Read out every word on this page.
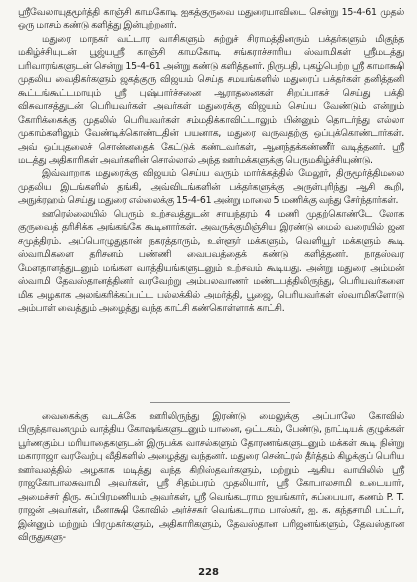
ஸ்ரீவேலாயுதமூர்த்தி காஞ்சி காமகோடி ஐகத்குருவை மதுரையாவிடை சென்று 15-4-61 முதல் ஒரு மாசம் கண்டு களித்து இன்புற்றனர்.

மதுரை மாநகர் வட்டார வாசிகளும் சுற்றுச் சிராமத்தினரும் பக்தர்களும் மிகுந்த மகிழ்ச்சியுடன் பூஜ்யஸ்ரீ காஞ்சி காமகோடி சங்கராச்சாரிய ஸ்வாமிகள் ஸ்ரீமடத்து பரிவாரங்களுடன் சென்று 15-4-61 அன்று கண்டு களித்தனர். நிருபதி, புகழ்பெற்ற ஸ்ரீ காமாக்ஷி முதலிய வைதிகர்களும் ஜகத்குரு விஜயம் செய்த சமயங்களில் மதுரைப் பக்தர்கள் தனித்தனி கூட்டங்கூட்டமாயும் ஸ்ரீ புஷ்பார்ச்சனை ஆராதனைகள் சிறப்பாகச் செய்து பக்தி விசுவாசத்துடன் பெரியவர்கள் அவர்கள் மதுரைக்கு விஜயம் செய்ய வேண்டும் என்றும் கோரிக்கைக்கு முதலில் பெரியவர்கள் சம்மதிக்காவிட்டாலும் பின்னும் தொடர்ந்து எல்லா முகாம்களிலும் வேண்டிக்கொண்டதின் பயனாக, மதுரை வருவதற்கு ஒப்புக்கொண்டார்கள். அவ் ஒப்புதலைச் சொன்னதைக் கேட்டுக் கண்டவர்கள், ஆனந்தக்கண்ணீர் வடித்தனர். ஸ்ரீ மடத்து அதிகாரிகள் அவர்களின் சொல்லால் அந்த ஊர்மக்களுக்கு பெருமகிழ்ச்சியுண்டு.

இவ்வாறாக மதுரைக்கு விஜயம் செய்ய வரும் மார்க்கத்தில் மேலூர், திருமூர்த்திமலை முதலிய இடங்களில் தங்கி, அவ்விடங்களின் பக்தர்களுக்கு அருள்புரிந்து ஆசி கூறி, அநுக்ரஹம் செய்து மதுரை எல்லைக்கு 15-4-61 அன்று மாலை 5 மணிக்கு வந்து சேர்ந்தார்கள்.

ஊரெல்லையில் பெரும் உற்சவத்துடன் சாயந்தரம் 4 மணி முதற்கொண்டே லோக குருவைத் தரிசிக்க அங்கங்கே கூடினார்கள். அவருக்குமிஞ்சிய இரண்டு மைல் வரையில் ஜன சமுத்திரம். அப்பொழுதுதான் நகரத்தாரும், உள்ளூர் மக்களும், வெளியூர் மக்களும் கூடி ஸ்வாமிகளை தரிசனம் பண்ணி வைபவத்தைக் கண்டு களித்தனர். நாதஸ்வர மேளதாளத்துடனும் மங்கள வாத்தியங்களுடனும் உற்சவம் கூடியது. அன்று மதுரை அம்மன் ஸ்வாமி தேவஸ்தானத்தினர் வரவேற்று அம்பலவாணர் மண்டபத்திலிருந்து, பெரியவர்களை மிக அழகாக அலங்கரிக்கப்பட்ட பல்லக்கில் அமர்த்தி, பூஜை, பெரியவர்கள் ஸ்வாமிகளோடு அம்பாள் வைத்தும் அழைத்து வந்த காட்சி கண்கொள்ளாக் காட்சி.

வைகைக்கு வடக்கே ஊரிலிருந்து இரண்டு மைலுக்கு அப்பாலே கோவில் பிருந்தாவனமும் வாத்திய கோஷங்களுடனும் யானை, ஒட்டகம், பேண்டு, நாட்டியக் குழுக்கள் பூர்ணகும்ப மரியாதைகளுடன் இருபக்க வாசல்களும் தோரணங்களுடனும் மக்கள் கூடி நின்று மகாராஜா வரவேற்பு வீதிகளில் அழைத்து வந்தனர். மதுரை சென்ட்ரல் தீர்த்தம் கிழக்குப் பெரிய ஊர்வலத்தில் அழகாக மடித்து வந்த கிறிஸ்தவர்களும், மற்றும் ஆகிய வாயிலில் ஸ்ரீ ராஜகோபாலசுவாமி அவர்கள், ஸ்ரீ சிதம்பரம் முதலியார், ஸ்ரீ கோபாலசாமி உடையார், அமைச்சர் திரு. சுப்பிரமணியம் அவர்கள், ஸ்ரீ வெங்கடராம ஐயங்கார், சுப்பையா, கணம் P. T. ராஜன் அவர்கள், மீனாக்ஷி கோவில் அர்ச்சகர் வெங்கடராம பாஸ்கர், ஐ. க. கந்தசாமி பட்டர், இன்னும் மற்றும் பிரமுகர்களும், அதிகாரிகளும், தேவஸ்தான பரிஜனங்களும், தேவஸ்தான விருதுகளு-

228
